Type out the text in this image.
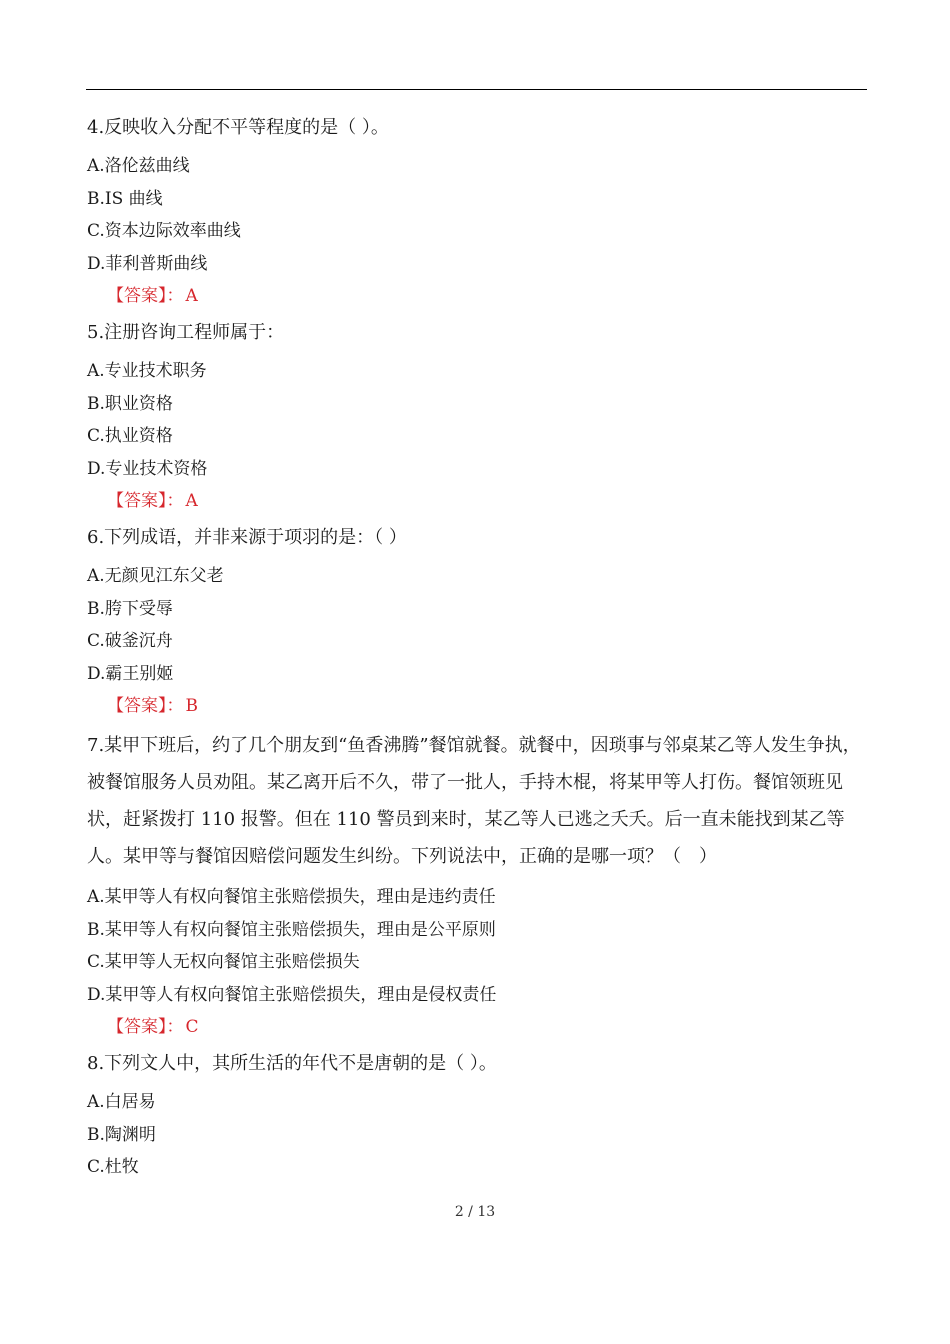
4.反映收入分配不平等程度的是（ ）。

A.洛伦兹曲线
B.IS 曲线
C.资本边际效率曲线
D.菲利普斯曲线
【答案】： A

5.注册咨询工程师属于：

A.专业技术职务
B.职业资格
C.执业资格
D.专业技术资格
【答案】： A

6.下列成语，并非来源于项羽的是：（ ）

A.无颜见江东父老
B.胯下受辱
C.破釜沉舟
D.霸王别姬
【答案】： B

7.某甲下班后，约了几个朋友到“鱼香沸腾”餐馆就餐。就餐中，因琐事与邻桌某乙等人发生争执，被餐馆服务人员劝阻。某乙离开后不久，带了一批人，手持木棍，将某甲等人打伤。餐馆领班见状，赶紧拨打 110 报警。但在 110 警员到来时，某乙等人已逃之夭夭。后一直未能找到某乙等人。某甲等与餐馆因赔偿问题发生纠纷。下列说法中，正确的是哪一项？（　）

A.某甲等人有权向餐馆主张赔偿损失，理由是违约责任
B.某甲等人有权向餐馆主张赔偿损失，理由是公平原则
C.某甲等人无权向餐馆主张赔偿损失
D.某甲等人有权向餐馆主张赔偿损失，理由是侵权责任
【答案】： C

8.下列文人中，其所生活的年代不是唐朝的是（ ）。

A.白居易
B.陶渊明
C.杜牧
2 / 13
